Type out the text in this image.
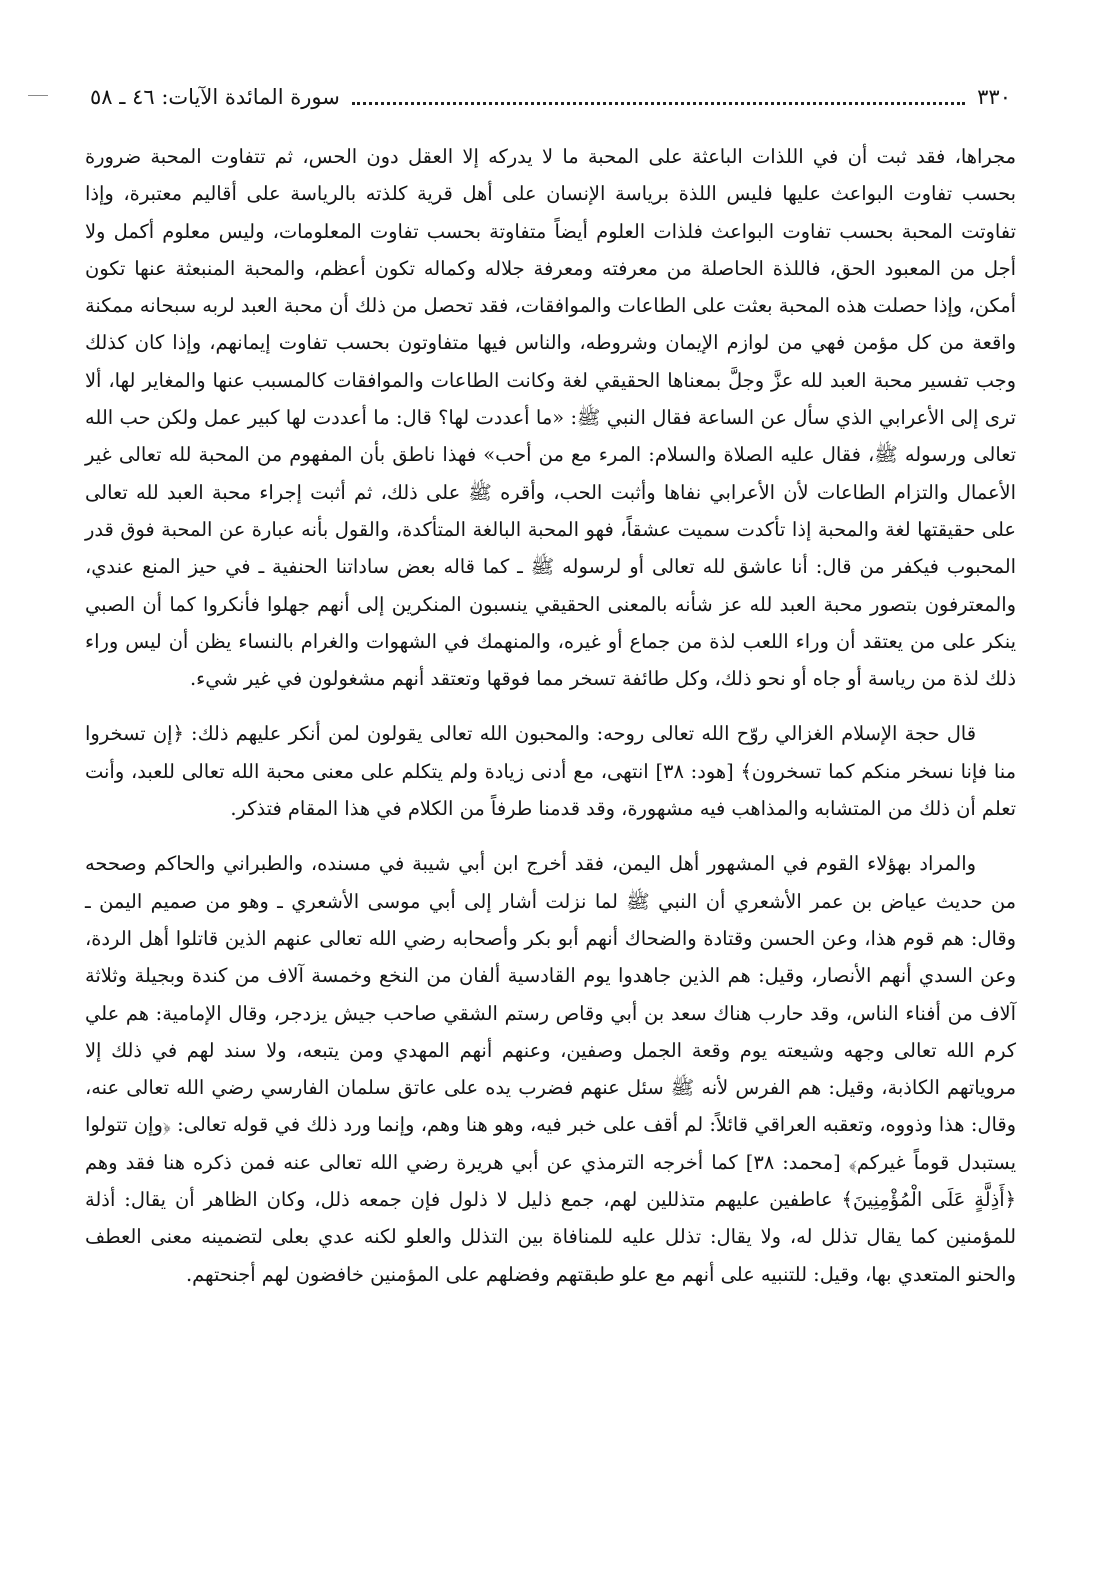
٣٣٠
سورة المائدة الآيات: ٤٦ ـ ٥٨

مجراها، فقد ثبت أن في اللذات الباعثة على المحبة ما لا يدركه إلا العقل دون الحس، ثم تتفاوت المحبة ضرورة بحسب تفاوت البواعث عليها فليس اللذة برياسة الإنسان على أهل قرية كلذته بالرياسة على أقاليم معتبرة، وإذا تفاوتت المحبة بحسب تفاوت البواعث فلذات العلوم أيضاً متفاوتة بحسب تفاوت المعلومات، وليس معلوم أكمل ولا أجل من المعبود الحق، فاللذة الحاصلة من معرفته ومعرفة جلاله وكماله تكون أعظم، والمحبة المنبعثة عنها تكون أمكن، وإذا حصلت هذه المحبة بعثت على الطاعات والموافقات، فقد تحصل من ذلك أن محبة العبد لربه سبحانه ممكنة واقعة من كل مؤمن فهي من لوازم الإيمان وشروطه، والناس فيها متفاوتون بحسب تفاوت إيمانهم، وإذا كان كذلك وجب تفسير محبة العبد لله عزَّ وجلَّ بمعناها الحقيقي لغة وكانت الطاعات والموافقات كالمسبب عنها والمغاير لها، ألا ترى إلى الأعرابي الذي سأل عن الساعة فقال النبي ﷺ: «ما أعددت لها؟ قال: ما أعددت لها كبير عمل ولكن حب الله تعالى ورسوله ﷺ، فقال عليه الصلاة والسلام: المرء مع من أحب» فهذا ناطق بأن المفهوم من المحبة لله تعالى غير الأعمال والتزام الطاعات لأن الأعرابي نفاها وأثبت الحب، وأقره ﷺ على ذلك، ثم أثبت إجراء محبة العبد لله تعالى على حقيقتها لغة والمحبة إذا تأكدت سميت عشقاً، فهو المحبة البالغة المتأكدة، والقول بأنه عبارة عن المحبة فوق قدر المحبوب فيكفر من قال: أنا عاشق لله تعالى أو لرسوله ﷺ ـ كما قاله بعض ساداتنا الحنفية ـ في حيز المنع عندي، والمعترفون بتصور محبة العبد لله عز شأنه بالمعنى الحقيقي ينسبون المنكرين إلى أنهم جهلوا فأنكروا كما أن الصبي ينكر على من يعتقد أن وراء اللعب لذة من جماع أو غيره، والمنهمك في الشهوات والغرام بالنساء يظن أن ليس وراء ذلك لذة من رياسة أو جاه أو نحو ذلك، وكل طائفة تسخر مما فوقها وتعتقد أنهم مشغولون في غير شيء.

قال حجة الإسلام الغزالي روّح الله تعالى روحه: والمحبون الله تعالى يقولون لمن أنكر عليهم ذلك: ﴿إن تسخروا منا فإنا نسخر منكم كما تسخرون﴾ [هود: ٣٨] انتهى، مع أدنى زيادة ولم يتكلم على معنى محبة الله تعالى للعبد، وأنت تعلم أن ذلك من المتشابه والمذاهب فيه مشهورة، وقد قدمنا طرفاً من الكلام في هذا المقام فتذكر.

والمراد بهؤلاء القوم في المشهور أهل اليمن، فقد أخرج ابن أبي شيبة في مسنده، والطبراني والحاكم وصححه من حديث عياض بن عمر الأشعري أن النبي ﷺ لما نزلت أشار إلى أبي موسى الأشعري ـ وهو من صميم اليمن ـ وقال: هم قوم هذا، وعن الحسن وقتادة والضحاك أنهم أبو بكر وأصحابه رضي الله تعالى عنهم الذين قاتلوا أهل الردة، وعن السدي أنهم الأنصار، وقيل: هم الذين جاهدوا يوم القادسية ألفان من النخع وخمسة آلاف من كندة وبجيلة وثلاثة آلاف من أفناء الناس، وقد حارب هناك سعد بن أبي وقاص رستم الشقي صاحب جيش يزدجر، وقال الإمامية: هم علي كرم الله تعالى وجهه وشيعته يوم وقعة الجمل وصفين، وعنهم أنهم المهدي ومن يتبعه، ولا سند لهم في ذلك إلا مروياتهم الكاذبة، وقيل: هم الفرس لأنه ﷺ سئل عنهم فضرب يده على عاتق سلمان الفارسي رضي الله تعالى عنه، وقال: هذا وذووه، وتعقبه العراقي قائلاً: لم أقف على خبر فيه، وهو هنا وهم، وإنما ورد ذلك في قوله تعالى: ﴿وإن تتولوا يستبدل قوماً غيركم﴾ [محمد: ٣٨] كما أخرجه الترمذي عن أبي هريرة رضي الله تعالى عنه فمن ذكره هنا فقد وهم ﴿أَذِلَّةٍ عَلَى الْمُؤْمِنِينَ﴾ عاطفين عليهم متذللين لهم، جمع ذليل لا ذلول فإن جمعه ذلل، وكان الظاهر أن يقال: أذلة للمؤمنين كما يقال تذلل له، ولا يقال: تذلل عليه للمنافاة بين التذلل والعلو لكنه عدي بعلى لتضمينه معنى العطف والحنو المتعدي بها، وقيل: للتنبيه على أنهم مع علو طبقتهم وفضلهم على المؤمنين خافضون لهم أجنحتهم.
